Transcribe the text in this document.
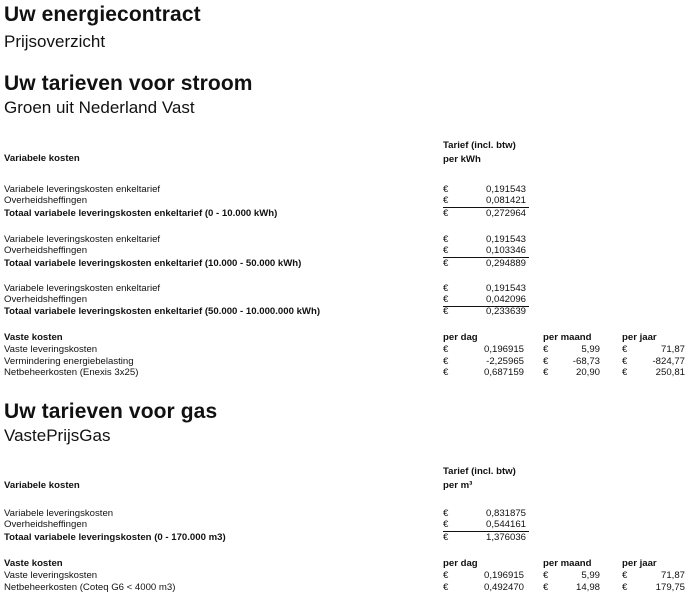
Uw energiecontract
Prijsoverzicht
Uw tarieven voor stroom
Groen uit Nederland Vast
Tarief (incl. btw)
per kWh
Variabele kosten
Variabele leveringskosten enkeltarief	€	0,191543
Overheidsheffingen	€	0,081421
Totaal variabele leveringskosten enkeltarief (0 - 10.000 kWh)	€	0,272964
Variabele leveringskosten enkeltarief	€	0,191543
Overheidsheffingen	€	0,103346
Totaal variabele leveringskosten enkeltarief (10.000 - 50.000 kWh)	€	0,294889
Variabele leveringskosten enkeltarief	€	0,191543
Overheidsheffingen	€	0,042096
Totaal variabele leveringskosten enkeltarief (50.000 - 10.000.000 kWh)	€	0,233639
Vaste kosten	per dag	per maand	per jaar
Vaste leveringskosten	€	0,196915 €	5,99 €	71,87
Vermindering energiebelasting	€	-2,25965 €	-68,73 €	-824,77
Netbeheerkosten (Enexis 3x25)	€	0,687159 €	20,90 €	250,81
Uw tarieven voor gas
VastePrijsGas
Tarief (incl. btw)
per m³
Variabele kosten
Variabele leveringskosten	€	0,831875
Overheidsheffingen	€	0,544161
Totaal variabele leveringskosten (0 - 170.000 m3)	€	1,376036
Vaste kosten	per dag	per maand	per jaar
Vaste leveringskosten	€	0,196915 €	5,99 €	71,87
Netbeheerkosten (Coteq G6 < 4000 m3)	€	0,492470 €	14,98 €	179,75
